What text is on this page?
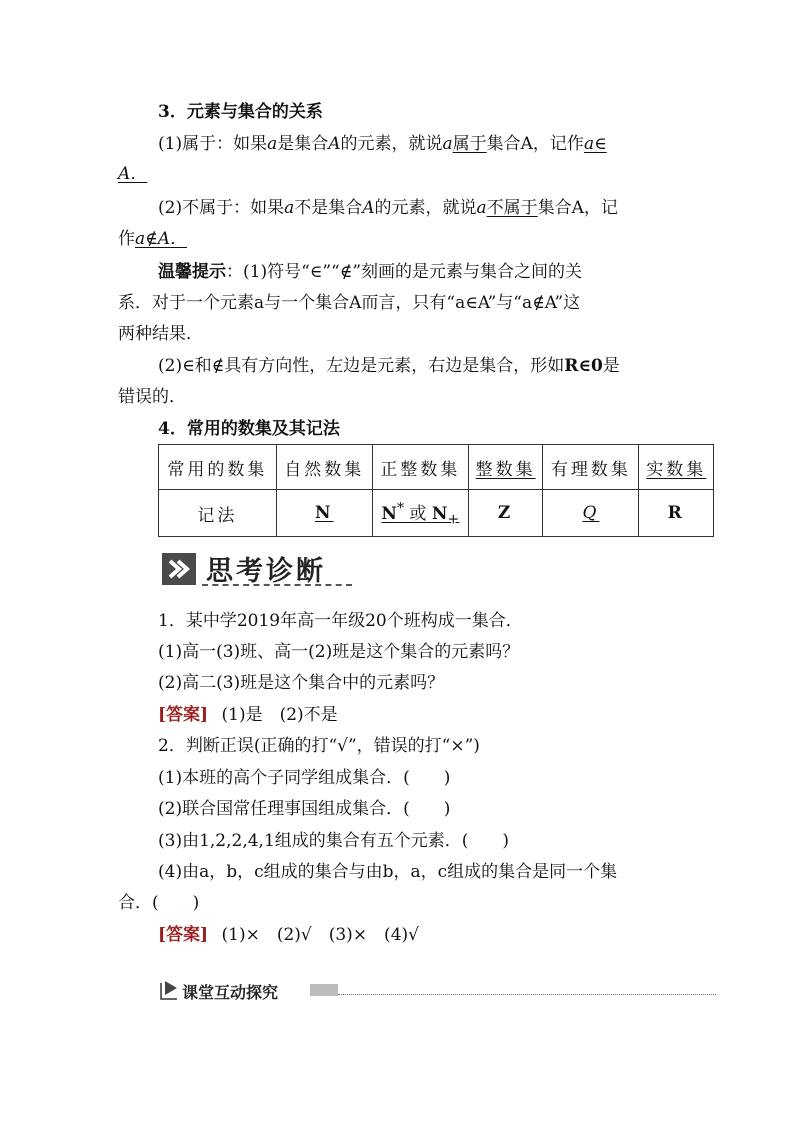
3．元素与集合的关系
(1)属于：如果a是集合A的元素，就说a属于集合A，记作a∈
A．
(2)不属于：如果a不是集合A的元素，就说a不属于集合A，记
作a∉A．
温馨提示：(1)符号“∈”“∉”刻画的是元素与集合之间的关
系．对于一个元素a与一个集合A而言，只有“a∈A”与“a∉A”这
两种结果．
(2)∈和∉具有方向性，左边是元素，右边是集合，形如R∈0是
错误的．
4．常用的数集及其记法
常用的数集	自然数集	正整数集	整数集	有理数集	实数集
记法	N	N* 或 $N_+$	Z	Q	R
思考诊断
1．某中学2019年高一年级20个班构成一集合．
(1)高一(3)班、高一(2)班是这个集合的元素吗？
(2)高二(3)班是这个集合中的元素吗？
[答案] (1)是　(2)不是
2．判断正误(正确的打“√”，错误的打“×”)
(1)本班的高个子同学组成集合．(　　)
(2)联合国常任理事国组成集合．(　　)
(3)由1,2,2,4,1组成的集合有五个元素．(　　)
(4)由a，b，c组成的集合与由b，a，c组成的集合是同一个集
合．(　　)
[答案] (1)×　(2)√　(3)×　(4)√
课堂互动探究
